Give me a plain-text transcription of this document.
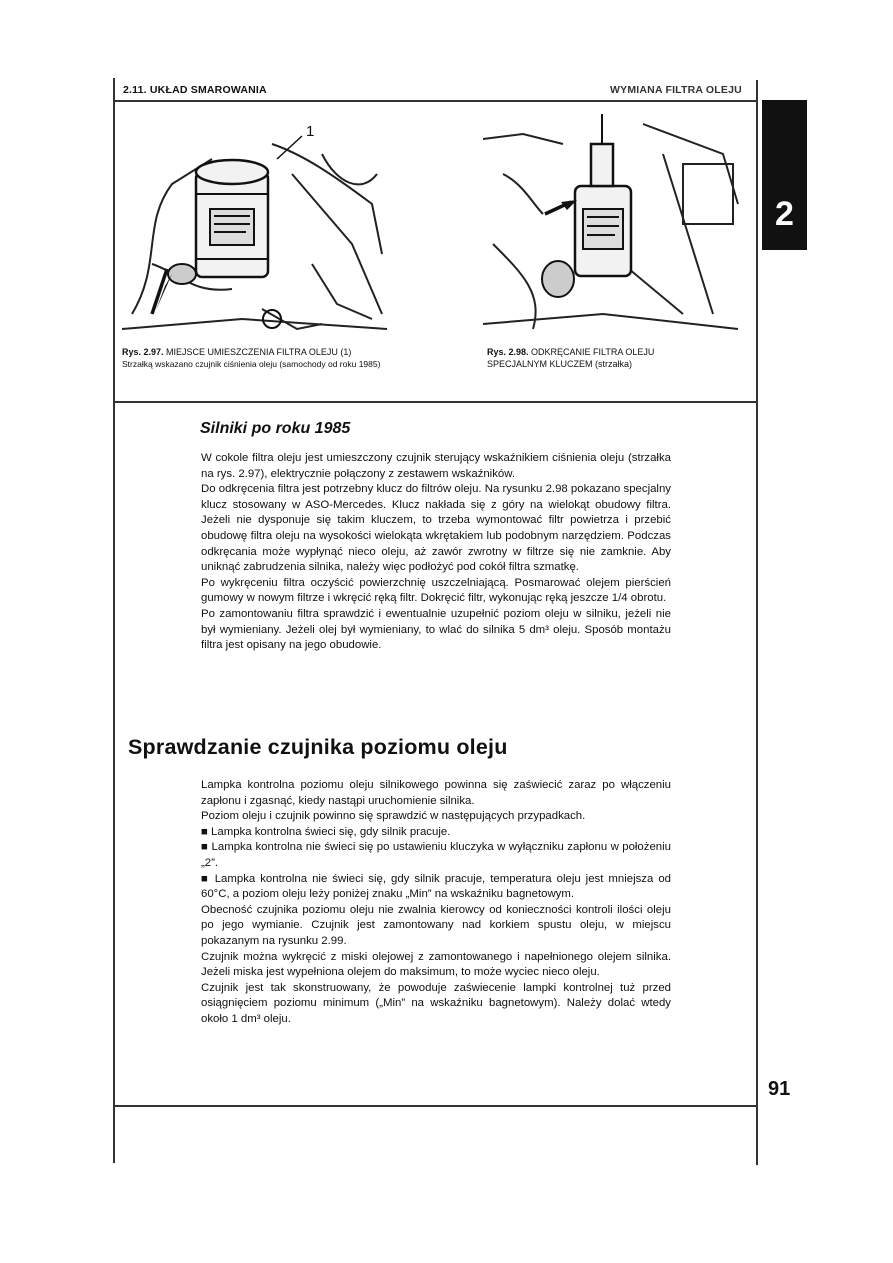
2.11. UKŁAD SMAROWANIA	WYMIANA FILTRA OLEJU
2
1
Rys. 2.97. MIEJSCE UMIESZCZENIA FILTRA OLEJU (1)
Strzałką wskazano czujnik ciśnienia oleju (samochody od roku 1985)
Rys. 2.98. ODKRĘCANIE FILTRA OLEJU SPECJALNYM KLUCZEM (strzałka)
Silniki po roku 1985

W cokole filtra oleju jest umieszczony czujnik sterujący wskaźnikiem ciśnienia oleju (strzałka na rys. 2.97), elektrycznie połączony z zestawem wskaźników.

Do odkręcenia filtra jest potrzebny klucz do filtrów oleju. Na rysunku 2.98 pokazano specjalny klucz stosowany w ASO-Mercedes. Klucz nakłada się z góry na wielokąt obudowy filtra. Jeżeli nie dysponuje się takim kluczem, to trzeba wymontować filtr powietrza i przebić obudowę filtra oleju na wysokości wielokąta wkrętakiem lub podobnym narzędziem. Podczas odkręcania może wypłynąć nieco oleju, aż zawór zwrotny w filtrze się nie zamknie. Aby uniknąć zabrudzenia silnika, należy więc podłożyć pod cokół filtra szmatkę.

Po wykręceniu filtra oczyścić powierzchnię uszczelniającą. Posmarować olejem pierścień gumowy w nowym filtrze i wkręcić ręką filtr. Dokręcić filtr, wykonując ręką jeszcze 1/4 obrotu.

Po zamontowaniu filtra sprawdzić i ewentualnie uzupełnić poziom oleju w silniku, jeżeli nie był wymieniany. Jeżeli olej był wymieniany, to wlać do silnika 5 dm³ oleju. Sposób montażu filtra jest opisany na jego obudowie.

Sprawdzanie czujnika poziomu oleju

Lampka kontrolna poziomu oleju silnikowego powinna się zaświecić zaraz po włączeniu zapłonu i zgasnąć, kiedy nastąpi uruchomienie silnika.

Poziom oleju i czujnik powinno się sprawdzić w następujących przypadkach.

■ Lampka kontrolna świeci się, gdy silnik pracuje.

■ Lampka kontrolna nie świeci się po ustawieniu kluczyka w wyłączniku zapłonu w położeniu „2”.

■ Lampka kontrolna nie świeci się, gdy silnik pracuje, temperatura oleju jest mniejsza od 60°C, a poziom oleju leży poniżej znaku „Min” na wskaźniku bagnetowym.

Obecność czujnika poziomu oleju nie zwalnia kierowcy od konieczności kontroli ilości oleju po jego wymianie. Czujnik jest zamontowany nad korkiem spustu oleju, w miejscu pokazanym na rysunku 2.99.

Czujnik można wykręcić z miski olejowej z zamontowanego i napełnionego olejem silnika. Jeżeli miska jest wypełniona olejem do maksimum, to może wyciec nieco oleju.

Czujnik jest tak skonstruowany, że powoduje zaświecenie lampki kontrolnej tuż przed osiągnięciem poziomu minimum („Min” na wskaźniku bagnetowym). Należy dolać wtedy około 1 dm³ oleju.

91
